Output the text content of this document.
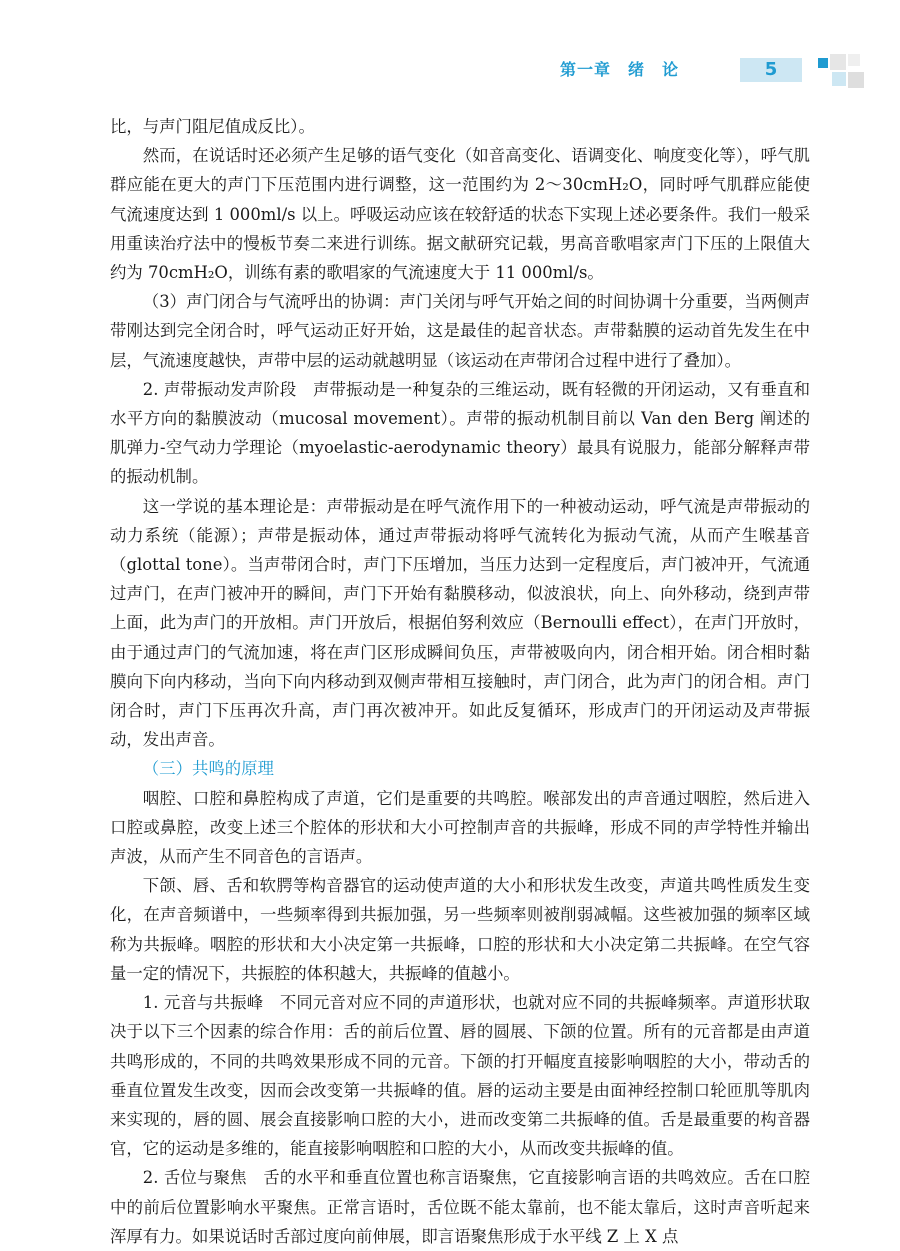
第一章　绪　论	5

比，与声门阻尼值成反比）。

然而，在说话时还必须产生足够的语气变化（如音高变化、语调变化、响度变化等），呼气肌群应能在更大的声门下压范围内进行调整，这一范围约为 2～30cmH₂O，同时呼气肌群应能使气流速度达到 1 000ml/s 以上。呼吸运动应该在较舒适的状态下实现上述必要条件。我们一般采用重读治疗法中的慢板节奏二来进行训练。据文献研究记载，男高音歌唱家声门下压的上限值大约为 70cmH₂O，训练有素的歌唱家的气流速度大于 11 000ml/s。

（3）声门闭合与气流呼出的协调：声门关闭与呼气开始之间的时间协调十分重要，当两侧声带刚达到完全闭合时，呼气运动正好开始，这是最佳的起音状态。声带黏膜的运动首先发生在中层，气流速度越快，声带中层的运动就越明显（该运动在声带闭合过程中进行了叠加）。

2. 声带振动发声阶段　声带振动是一种复杂的三维运动，既有轻微的开闭运动，又有垂直和水平方向的黏膜波动（mucosal movement）。声带的振动机制目前以 Van den Berg 阐述的肌弹力-空气动力学理论（myoelastic-aerodynamic theory）最具有说服力，能部分解释声带的振动机制。

这一学说的基本理论是：声带振动是在呼气流作用下的一种被动运动，呼气流是声带振动的动力系统（能源）；声带是振动体，通过声带振动将呼气流转化为振动气流，从而产生喉基音（glottal tone）。当声带闭合时，声门下压增加，当压力达到一定程度后，声门被冲开，气流通过声门，在声门被冲开的瞬间，声门下开始有黏膜移动，似波浪状，向上、向外移动，绕到声带上面，此为声门的开放相。声门开放后，根据伯努利效应（Bernoulli effect），在声门开放时，由于通过声门的气流加速，将在声门区形成瞬间负压，声带被吸向内，闭合相开始。闭合相时黏膜向下向内移动，当向下向内移动到双侧声带相互接触时，声门闭合，此为声门的闭合相。声门闭合时，声门下压再次升高，声门再次被冲开。如此反复循环，形成声门的开闭运动及声带振动，发出声音。

（三）共鸣的原理

咽腔、口腔和鼻腔构成了声道，它们是重要的共鸣腔。喉部发出的声音通过咽腔，然后进入口腔或鼻腔，改变上述三个腔体的形状和大小可控制声音的共振峰，形成不同的声学特性并输出声波，从而产生不同音色的言语声。

下颌、唇、舌和软腭等构音器官的运动使声道的大小和形状发生改变，声道共鸣性质发生变化，在声音频谱中，一些频率得到共振加强，另一些频率则被削弱减幅。这些被加强的频率区域称为共振峰。咽腔的形状和大小决定第一共振峰，口腔的形状和大小决定第二共振峰。在空气容量一定的情况下，共振腔的体积越大，共振峰的值越小。

1. 元音与共振峰　不同元音对应不同的声道形状，也就对应不同的共振峰频率。声道形状取决于以下三个因素的综合作用：舌的前后位置、唇的圆展、下颌的位置。所有的元音都是由声道共鸣形成的，不同的共鸣效果形成不同的元音。下颌的打开幅度直接影响咽腔的大小，带动舌的垂直位置发生改变，因而会改变第一共振峰的值。唇的运动主要是由面神经控制口轮匝肌等肌肉来实现的，唇的圆、展会直接影响口腔的大小，进而改变第二共振峰的值。舌是最重要的构音器官，它的运动是多维的，能直接影响咽腔和口腔的大小，从而改变共振峰的值。

2. 舌位与聚焦　舌的水平和垂直位置也称言语聚焦，它直接影响言语的共鸣效应。舌在口腔中的前后位置影响水平聚焦。正常言语时，舌位既不能太靠前，也不能太靠后，这时声音听起来浑厚有力。如果说话时舌部过度向前伸展，即言语聚焦形成于水平线 Z 上 X 点
